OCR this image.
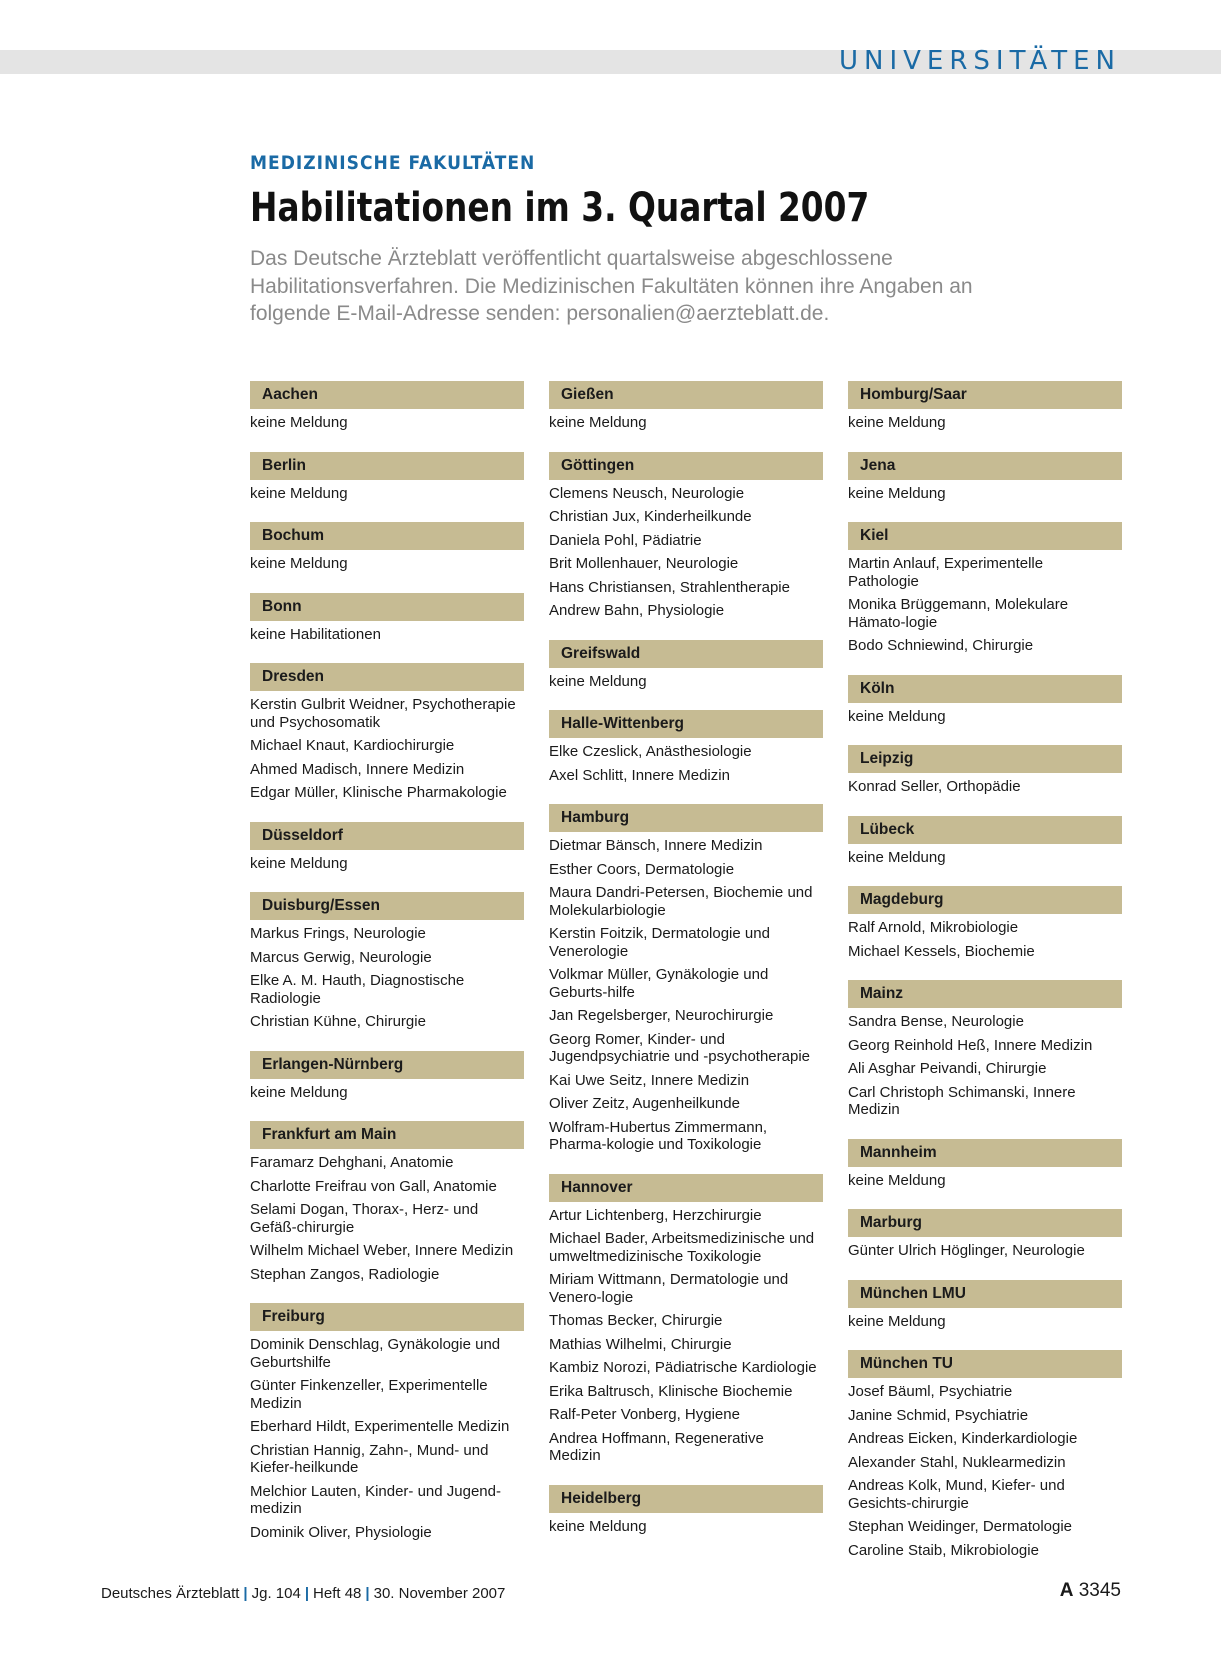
UNIVERSITÄTEN
MEDIZINISCHE FAKULTÄTEN
Habilitationen im 3. Quartal 2007
Das Deutsche Ärzteblatt veröffentlicht quartalsweise abgeschlossene Habilitationsverfahren. Die Medizinischen Fakultäten können ihre Angaben an folgende E-Mail-Adresse senden: personalien@aerzteblatt.de.
Aachen
keine Meldung
Berlin
keine Meldung
Bochum
keine Meldung
Bonn
keine Habilitationen
Dresden
Kerstin Gulbrit Weidner, Psychotherapie und Psychosomatik
Michael Knaut, Kardiochirurgie
Ahmed Madisch, Innere Medizin
Edgar Müller, Klinische Pharmakologie
Düsseldorf
keine Meldung
Duisburg/Essen
Markus Frings, Neurologie
Marcus Gerwig, Neurologie
Elke A. M. Hauth, Diagnostische Radiologie
Christian Kühne, Chirurgie
Erlangen-Nürnberg
keine Meldung
Frankfurt am Main
Faramarz Dehghani, Anatomie
Charlotte Freifrau von Gall, Anatomie
Selami Dogan, Thorax-, Herz- und Gefäß-chirurgie
Wilhelm Michael Weber, Innere Medizin
Stephan Zangos, Radiologie
Freiburg
Dominik Denschlag, Gynäkologie und Geburtshilfe
Günter Finkenzeller, Experimentelle Medizin
Eberhard Hildt, Experimentelle Medizin
Christian Hannig, Zahn-, Mund- und Kiefer-heilkunde
Melchior Lauten, Kinder- und Jugend-medizin
Dominik Oliver, Physiologie
Gießen
keine Meldung
Göttingen
Clemens Neusch, Neurologie
Christian Jux, Kinderheilkunde
Daniela Pohl, Pädiatrie
Brit Mollenhauer, Neurologie
Hans Christiansen, Strahlentherapie
Andrew Bahn, Physiologie
Greifswald
keine Meldung
Halle-Wittenberg
Elke Czeslick, Anästhesiologie
Axel Schlitt, Innere Medizin
Hamburg
Dietmar Bänsch, Innere Medizin
Esther Coors, Dermatologie
Maura Dandri-Petersen, Biochemie und Molekularbiologie
Kerstin Foitzik, Dermatologie und Venerologie
Volkmar Müller, Gynäkologie und Geburts-hilfe
Jan Regelsberger, Neurochirurgie
Georg Romer, Kinder- und Jugendpsychiatrie und -psychotherapie
Kai Uwe Seitz, Innere Medizin
Oliver Zeitz, Augenheilkunde
Wolfram-Hubertus Zimmermann, Pharma-kologie und Toxikologie
Hannover
Artur Lichtenberg, Herzchirurgie
Michael Bader, Arbeitsmedizinische und umweltmedizinische Toxikologie
Miriam Wittmann, Dermatologie und Venero-logie
Thomas Becker, Chirurgie
Mathias Wilhelmi, Chirurgie
Kambiz Norozi, Pädiatrische Kardiologie
Erika Baltrusch, Klinische Biochemie
Ralf-Peter Vonberg, Hygiene
Andrea Hoffmann, Regenerative Medizin
Heidelberg
keine Meldung
Homburg/Saar
keine Meldung
Jena
keine Meldung
Kiel
Martin Anlauf, Experimentelle Pathologie
Monika Brüggemann, Molekulare Hämato-logie
Bodo Schniewind, Chirurgie
Köln
keine Meldung
Leipzig
Konrad Seller, Orthopädie
Lübeck
keine Meldung
Magdeburg
Ralf Arnold, Mikrobiologie
Michael Kessels, Biochemie
Mainz
Sandra Bense, Neurologie
Georg Reinhold Heß, Innere Medizin
Ali Asghar Peivandi, Chirurgie
Carl Christoph Schimanski, Innere Medizin
Mannheim
keine Meldung
Marburg
Günter Ulrich Höglinger, Neurologie
München LMU
keine Meldung
München TU
Josef Bäuml, Psychiatrie
Janine Schmid, Psychiatrie
Andreas Eicken, Kinderkardiologie
Alexander Stahl, Nuklearmedizin
Andreas Kolk, Mund, Kiefer- und Gesichts-chirurgie
Stephan Weidinger, Dermatologie
Caroline Staib, Mikrobiologie
Deutsches Ärzteblatt | Jg. 104 | Heft 48 | 30. November 2007	A 3345
